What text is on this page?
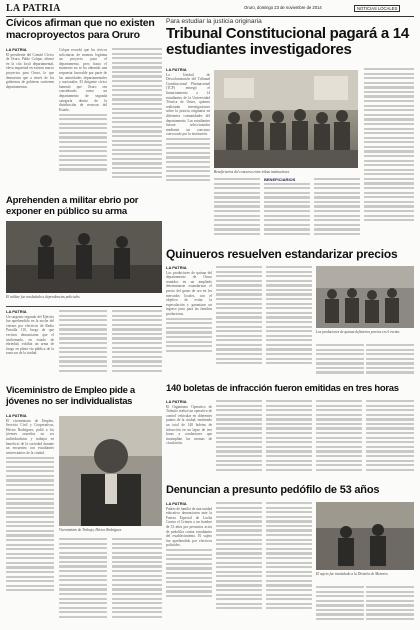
LA PATRIA	Oruro, domingo 23 de noviembre de 2014	NOTICIAS LOCALES
Cívicos afirman que no existen macroproyectos para Oruro
LA PATRIA

El presidente del Comité Cívico de Oruro, Pablo Colque, afirmó en la cita local departamental, eleva inquietud en existen macro proyectos para Oruro, lo que demuestra que a través de los gobiernos de gobierno sostienen departamentos.

Colque recordó que los cívicos solicitaron de manera legitima un proyecto para el departamento, pero hasta el momento no se ha obtenido una respuesta favorable por parte de las autoridades departamentales y nacionales. El dirigente cívico lamentó que Oruro sea considerado como un departamento de segunda categoría dentro de la distribución de recursos del Estado.

Para estudiar la justicia originaria
Tribunal Constitucional pagará a 14 estudiantes investigadores
LA PATRIA

La Unidad de Descolonización del Tribunal Constitucional Plurinacional (TCP) entregó el financiamiento a 14 estudiantes de la Universidad Técnica de Oruro, quienes realizarán investigaciones sobre la justicia originaria en diferentes comunidades del departamento. Los estudiantes fueron seleccionados mediante un concurso convocado por la institución.

Beneficiarios del concurso entre tribus instituciones.
BENEFICIARIOS
Aprehenden a militar ebrio por exponer en público su arma
El militar fue trasladado a dependencias policiales.
LA PATRIA

Un sargento segundo del Ejército fue aprehendido en la noche del viernes por efectivos de Radio Patrulla 110, luego de que vecinos denunciaran que el uniformado, en estado de ebriedad, exhibía un arma de fuego en plena vía pública de la zona sur de la ciudad.

Quinueros resuelven estandarizar precios
LA PATRIA

Los productores de quinua del departamento de Oruro reunidos en un ampliado determinaron estandarizar el precio del grano de oro en los mercados locales, con el objetivo de evitar la especulación y garantizar un ingreso justo para las familias productoras.

Los productores de quinua definieron precios en el evento.
140 boletas de infracción fueron emitidas en tres horas
LA PATRIA

El Organismo Operativo de Tránsito realizó un operativo de control vehicular en diferentes puntos de la ciudad, emitiendo un total de 140 boletas de infracción en un lapso de tres horas a conductores que incumplían las normas de circulación.

Viceministro de Empleo pide a jóvenes no ser individualistas
LA PATRIA

El viceministro de Empleo, Servicio Civil y Cooperativas, Héctor Rodríguez, pidió a los jóvenes orureños no ser individualistas y trabajar en beneficio de la sociedad durante un encuentro con estudiantes universitarios de la ciudad.

Viceministro de Trabajo, Héctor Rodríguez.
Denuncian a presunto pedófilo de 53 años
LA PATRIA

Padres de familia de una unidad educativa denunciaron ante la Fuerza Especial de Lucha Contra el Crimen a un hombre de 53 años por presuntos actos de pedofilia contra estudiantes del establecimiento. El sujeto fue aprehendido por efectivos policiales.

El sujeto fue trasladado a la División de Menores.
